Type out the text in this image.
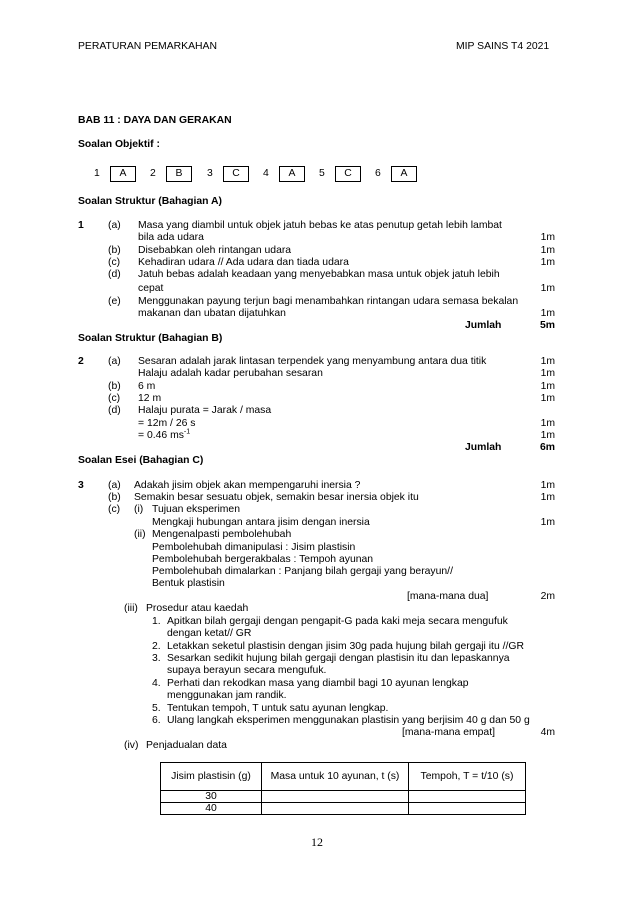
PERATURAN PEMARKAHAN	MIP SAINS T4 2021
BAB 11 : DAYA DAN GERAKAN
Soalan Objektif :
1	A	2	B	3	C	4	A	5	C	6	A
Soalan Struktur (Bahagian A)
1 (a) Masa yang diambil untuk objek jatuh bebas ke atas penutup getah lebih lambat
bila ada udara	1m
(b) Disebabkan oleh rintangan udara	1m
(c) Kehadiran udara // Ada udara dan tiada udara	1m
(d) Jatuh bebas adalah keadaan yang menyebabkan masa untuk objek jatuh lebih
cepat	1m
(e) Menggunakan payung terjun bagi menambahkan rintangan udara semasa bekalan
makanan dan ubatan dijatuhkan	1m
Jumlah	5m
Soalan Struktur (Bahagian B)
2 (a) Sesaran adalah jarak lintasan terpendek yang menyambung antara dua titik	1m
Halaju adalah kadar perubahan sesaran	1m
(b) 6 m	1m
(c) 12 m	1m
(d) Halaju purata = Jarak / masa
= 12m / 26 s	1m
= 0.46 $ms^{-1}$	1m
Jumlah	6m
Soalan Esei (Bahagian C)
3 (a) Adakah jisim objek akan mempengaruhi inersia ?	1m
(b) Semakin besar sesuatu objek, semakin besar inersia objek itu	1m
(c) (i) Tujuan eksperimen
Mengkaji hubungan antara jisim dengan inersia	1m
(ii) Mengenalpasti pembolehubah
Pembolehubah dimanipulasi : Jisim plastisin
Pembolehubah bergerakbalas : Tempoh ayunan
Pembolehubah dimalarkan : Panjang bilah gergaji yang berayun//
Bentuk plastisin
[mana-mana dua]	2m
(iii) Prosedur atau kaedah
1. Apitkan bilah gergaji dengan pengapit-G pada kaki meja secara mengufuk
dengan ketat// GR
2. Letakkan seketul plastisin dengan jisim 30g pada hujung bilah gergaji itu //GR
3. Sesarkan sedikit hujung bilah gergaji dengan plastisin itu dan lepaskannya
supaya berayun secara mengufuk.
4. Perhati dan rekodkan masa yang diambil bagi 10 ayunan lengkap
menggunakan jam randik.
5. Tentukan tempoh, T untuk satu ayunan lengkap.
6. Ulang langkah eksperimen menggunakan plastisin yang berjisim 40 g dan 50 g
[mana-mana empat]	4m
(iv) Penjadualan data
Jisim plastisin (g)	Masa untuk 10 ayunan, t (s)	Tempoh, T = t/10 (s)
30		
40		
12
